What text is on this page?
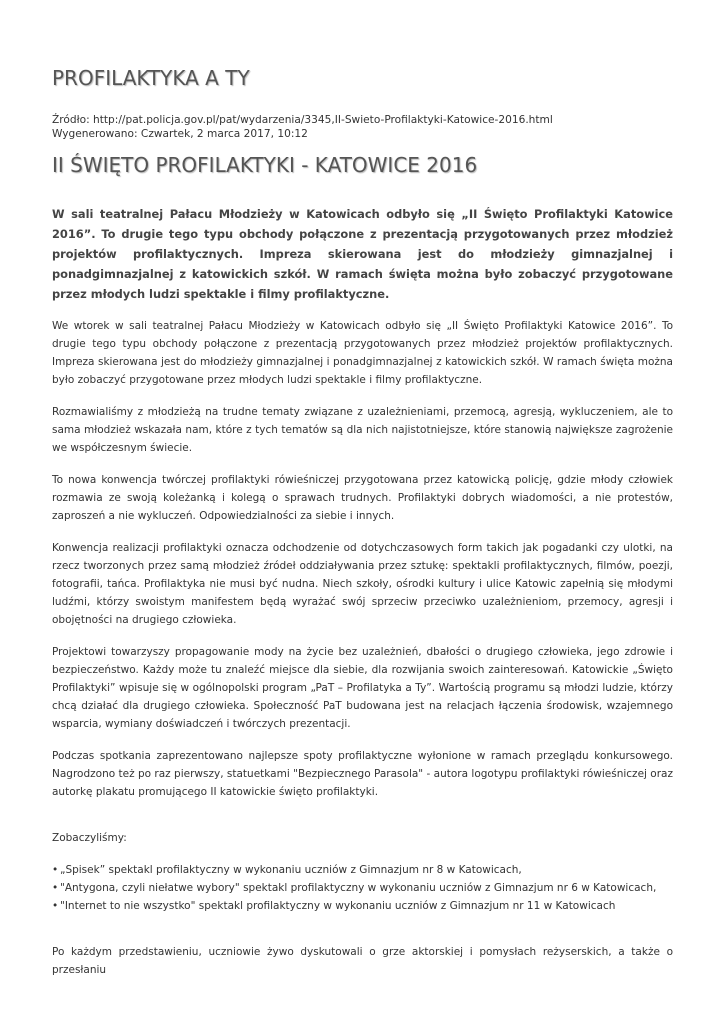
PROFILAKTYKA A TY
Źródło: http://pat.policja.gov.pl/pat/wydarzenia/3345,II-Swieto-Profilaktyki-Katowice-2016.html
Wygenerowano: Czwartek, 2 marca 2017, 10:12
II ŚWIĘTO PROFILAKTYKI - KATOWICE 2016

W sali teatralnej Pałacu Młodzieży w Katowicach odbyło się „II Święto Profilaktyki Katowice 2016”. To drugie tego typu obchody połączone z prezentacją przygotowanych przez młodzież projektów profilaktycznych. Impreza skierowana jest do młodzieży gimnazjalnej i ponadgimnazjalnej z katowickich szkół. W ramach święta można było zobaczyć przygotowane przez młodych ludzi spektakle i filmy profilaktyczne.

We wtorek w sali teatralnej Pałacu Młodzieży w Katowicach odbyło się „II Święto Profilaktyki Katowice 2016”. To drugie tego typu obchody połączone z prezentacją przygotowanych przez młodzież projektów profilaktycznych. Impreza skierowana jest do młodzieży gimnazjalnej i ponadgimnazjalnej z katowickich szkół. W ramach święta można było zobaczyć przygotowane przez młodych ludzi spektakle i filmy profilaktyczne.

Rozmawialiśmy z młodzieżą na trudne tematy związane z uzależnieniami, przemocą, agresją, wykluczeniem, ale to sama młodzież wskazała nam, które z tych tematów są dla nich najistotniejsze, które stanowią największe zagrożenie we współczesnym świecie.

To nowa konwencja twórczej profilaktyki rówieśniczej przygotowana przez katowicką policję, gdzie młody człowiek rozmawia ze swoją koleżanką i kolegą o sprawach trudnych. Profilaktyki dobrych wiadomości, a nie protestów, zaproszeń a nie wykluczeń. Odpowiedzialności za siebie i innych.

Konwencja realizacji profilaktyki oznacza odchodzenie od dotychczasowych form takich jak pogadanki czy ulotki, na rzecz tworzonych przez samą młodzież źródeł oddziaływania przez sztukę: spektakli profilaktycznych, filmów, poezji, fotografii, tańca. Profilaktyka nie musi być nudna. Niech szkoły, ośrodki kultury i ulice Katowic zapełnią się młodymi ludźmi, którzy swoistym manifestem będą wyrażać swój sprzeciw przeciwko uzależnieniom, przemocy, agresji i obojętności na drugiego człowieka.

Projektowi towarzyszy propagowanie mody na życie bez uzależnień, dbałości o drugiego człowieka, jego zdrowie i bezpieczeństwo. Każdy może tu znaleźć miejsce dla siebie, dla rozwijania swoich zainteresowań. Katowickie „Święto Profilaktyki” wpisuje się w ogólnopolski program „PaT – Profilatyka a Ty”. Wartością programu są młodzi ludzie, którzy chcą działać dla drugiego człowieka. Społeczność PaT budowana jest na relacjach łączenia środowisk, wzajemnego wsparcia, wymiany doświadczeń i twórczych prezentacji.

Podczas spotkania zaprezentowano najlepsze spoty profilaktyczne wyłonione w ramach przeglądu konkursowego. Nagrodzono też po raz pierwszy, statuetkami "Bezpiecznego Parasola" - autora logotypu profilaktyki rówieśniczej oraz autorkę plakatu promującego II katowickie święto profilaktyki.

Zobaczyliśmy:

• „Spisek” spektakl profilaktyczny w wykonaniu uczniów z Gimnazjum nr 8 w Katowicach,
• "Antygona, czyli niełatwe wybory" spektakl profilaktyczny w wykonaniu uczniów z Gimnazjum nr 6 w Katowicach,
• "Internet to nie wszystko" spektakl profilaktyczny w wykonaniu uczniów z Gimnazjum nr 11 w Katowicach

Po każdym przedstawieniu, uczniowie żywo dyskutowali o grze aktorskiej i pomysłach reżyserskich, a także o przesłaniu
